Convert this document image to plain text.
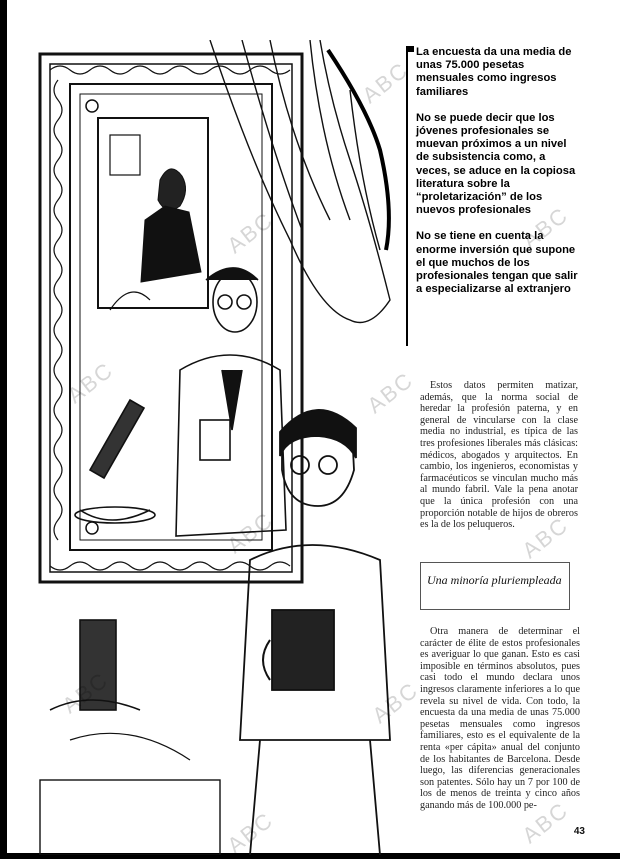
La encuesta da una media de unas 75.000 pesetas mensuales como ingresos familiares

No se puede decir que los jóvenes profesionales se muevan próximos a un nivel de subsistencia como, a veces, se aduce en la copiosa literatura sobre la “proletarización” de los nuevos profesionales

No se tiene en cuenta la enorme inversión que supone el que muchos de los profesionales tengan que salir a especializarse al extranjero

Estos datos permiten matizar, además, que la norma social de heredar la profesión paterna, y en general de vincularse con la clase media no industrial, es típica de las tres profesiones liberales más clásicas: médicos, abogados y arquitectos. En cambio, los ingenieros, economistas y farmacéuticos se vinculan mucho más al mundo fabril. Vale la pena anotar que la única profesión con una proporción notable de hijos de obreros es la de los peluqueros.
Una minoría pluriempleada
Otra manera de determinar el carácter de élite de estos profesionales es averiguar lo que ganan. Esto es casi imposible en términos absolutos, pues casi todo el mundo declara unos ingresos claramente inferiores a lo que revela su nivel de vida. Con todo, la encuesta da una media de unas 75.000 pesetas mensuales como ingresos familiares, esto es el equivalente de la renta «per cápita» anual del conjunto de los habitantes de Barcelona. Desde luego, las diferencias generacionales son patentes. Sólo hay un 7 por 100 de los de menos de treinta y cinco años ganando más de 100.000 pe-
43
ABC
ABC
ABC
ABC
ABC
ABC
ABC
ABC
ABC
ABC
